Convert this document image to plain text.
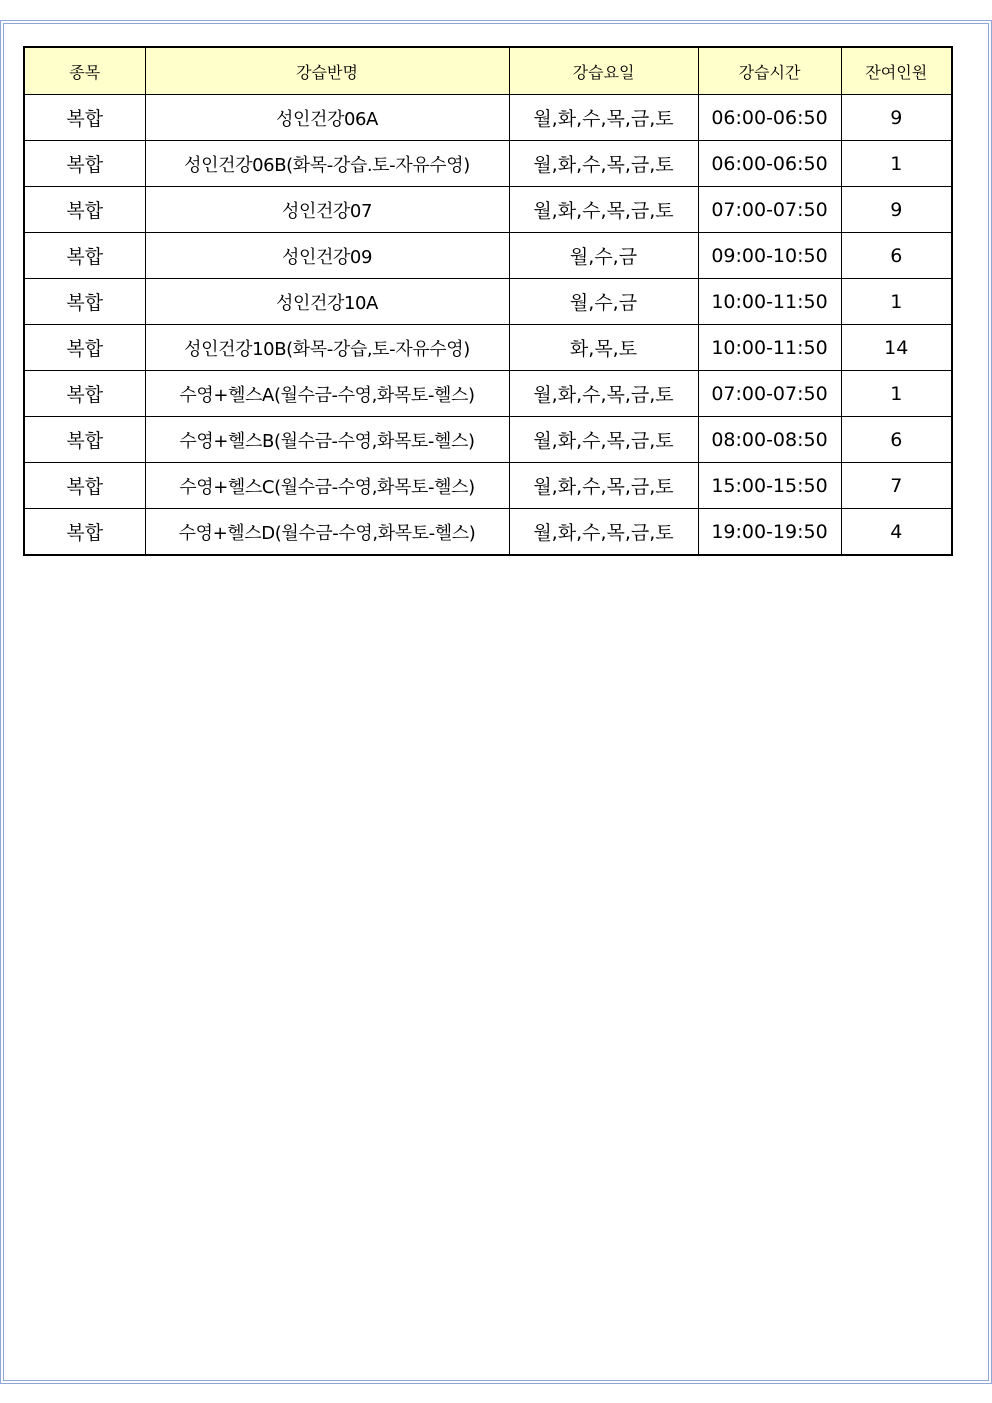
종목	강습반명	강습요일	강습시간	잔여인원
복합	성인건강06A	월,화,수,목,금,토	06:00-06:50	9
복합	성인건강06B(화목-강습.토-자유수영)	월,화,수,목,금,토	06:00-06:50	1
복합	성인건강07	월,화,수,목,금,토	07:00-07:50	9
복합	성인건강09	월,수,금	09:00-10:50	6
복합	성인건강10A	월,수,금	10:00-11:50	1
복합	성인건강10B(화목-강습,토-자유수영)	화,목,토	10:00-11:50	14
복합	수영+헬스A(월수금-수영,화목토-헬스)	월,화,수,목,금,토	07:00-07:50	1
복합	수영+헬스B(월수금-수영,화목토-헬스)	월,화,수,목,금,토	08:00-08:50	6
복합	수영+헬스C(월수금-수영,화목토-헬스)	월,화,수,목,금,토	15:00-15:50	7
복합	수영+헬스D(월수금-수영,화목토-헬스)	월,화,수,목,금,토	19:00-19:50	4
